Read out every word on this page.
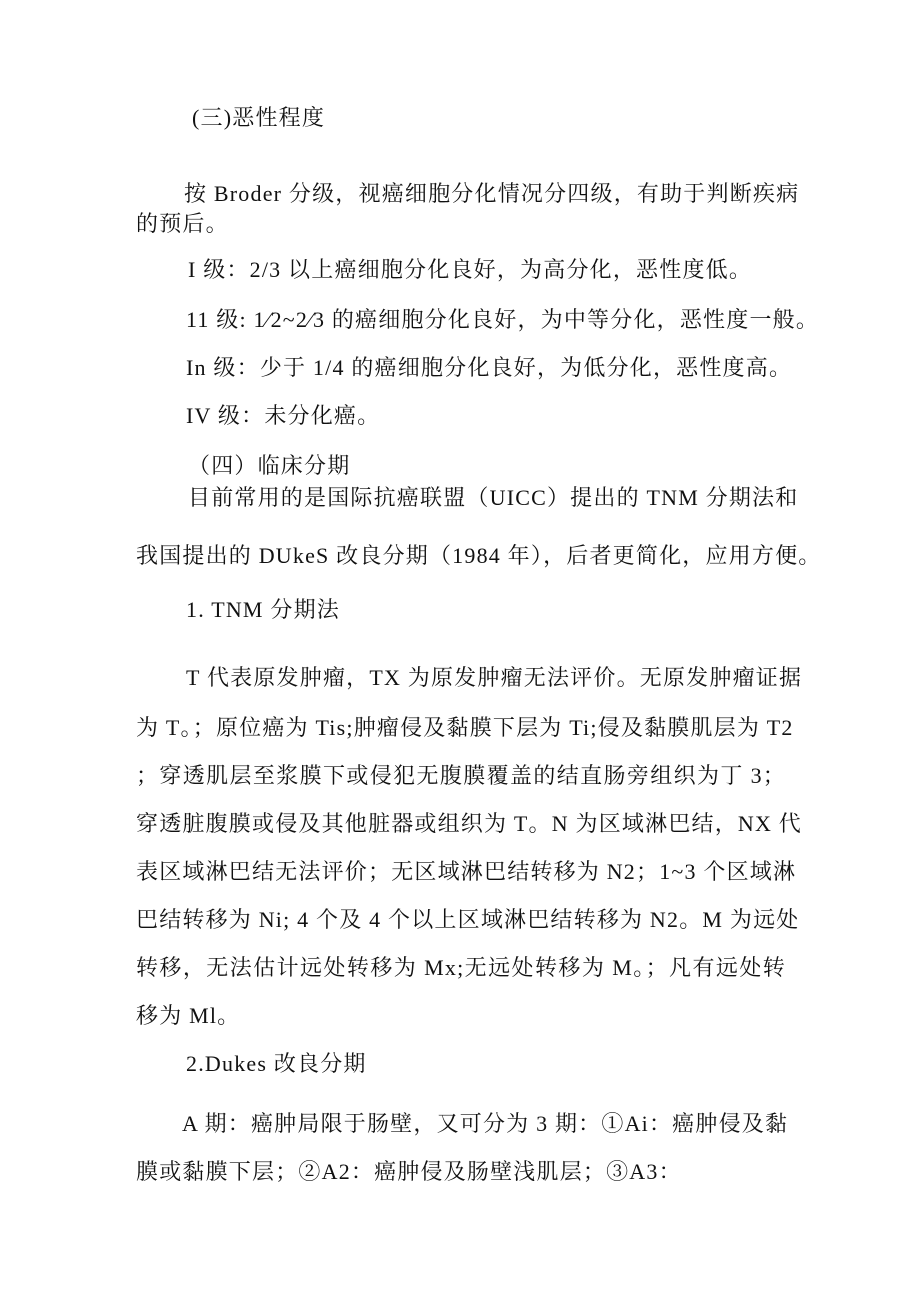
(三)恶性程度
按 Broder 分级，视癌细胞分化情况分四级，有助于判断疾病
的预后。
I 级：2/3 以上癌细胞分化良好，为高分化，恶性度低。
11 级: 1⁄2~2⁄3 的癌细胞分化良好，为中等分化，恶性度一般。
In 级：少于 1/4 的癌细胞分化良好，为低分化，恶性度高。
IV 级：未分化癌。
（四）临床分期
目前常用的是国际抗癌联盟（UICC）提出的 TNM 分期法和
我国提出的 DUkeS 改良分期（1984 年），后者更简化，应用方便。
1. TNM 分期法
T 代表原发肿瘤，TX 为原发肿瘤无法评价。无原发肿瘤证据
为 T。；原位癌为 Tis;肿瘤侵及黏膜下层为 Ti;侵及黏膜肌层为 T2
；穿透肌层至浆膜下或侵犯无腹膜覆盖的结直肠旁组织为丁 3；
穿透脏腹膜或侵及其他脏器或组织为 T。N 为区域淋巴结，NX 代
表区域淋巴结无法评价；无区域淋巴结转移为 N2；1~3 个区域淋
巴结转移为 Ni; 4 个及 4 个以上区域淋巴结转移为 N2。M 为远处
转移，无法估计远处转移为 Mx;无远处转移为 M。；凡有远处转
移为 Ml。
2.Dukes 改良分期
A 期：癌肿局限于肠壁，又可分为 3 期：①Ai：癌肿侵及黏
膜或黏膜下层；②A2：癌肿侵及肠壁浅肌层；③A3：
